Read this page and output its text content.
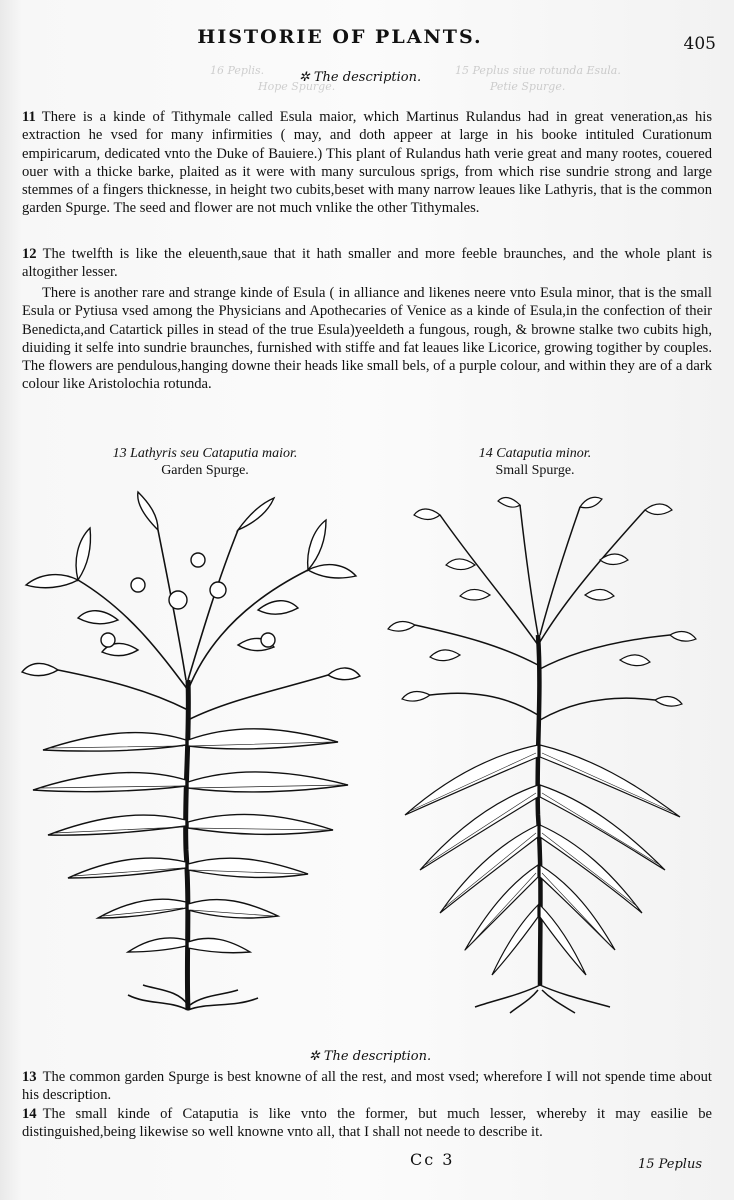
15 Peplus siue rotunda Esula.
Petie Spurge.
16 Peplis.
Hope Spurge.
HISTORIE OF PLANTS.	405
✲ The description.
11 There is a kinde of Tithymale called Esula maior, which Martinus Rulandus had in great veneration,as his extraction he vsed for many infirmities ( may, and doth appeer at large in his booke intituled Curationum empiricarum, dedicated vnto the Duke of Bauiere.) This plant of Rulandus hath verie great and many rootes, couered ouer with a thicke barke, plaited as it were with many surculous sprigs, from which rise sundrie strong and large stemmes of a fingers thicknesse, in height two cubits,beset with many narrow leaues like Lathyris, that is the common garden Spurge. The seed and flower are not much vnlike the other Tithymales.
12 The twelfth is like the eleuenth,saue that it hath smaller and more feeble braunches, and the whole plant is altogither lesser.
There is another rare and strange kinde of Esula ( in alliance and likenes neere vnto Esula minor, that is the small Esula or Pytiusa vsed among the Physicians and Apothecaries of Venice as a kinde of Esula,in the confection of their Benedicta,and Catartick pilles in stead of the true Esula)yeeldeth a fungous, rough, & browne stalke two cubits high, diuiding it selfe into sundrie braunches, furnished with stiffe and fat leaues like Licorice, growing togither by couples. The flowers are pendulous,hanging downe their heads like small bels, of a purple colour, and within they are of a dark colour like Aristolochia rotunda.
13 Lathyris seu Cataputia maior.
Garden Spurge.
14 Cataputia minor.
Small Spurge.
✲ The description.
13 The common garden Spurge is best knowne of all the rest, and most vsed; wherefore I will not spende time about his description.
14 The small kinde of Cataputia is like vnto the former, but much lesser, whereby it may easilie be distinguished,being likewise so well knowne vnto all, that I shall not neede to describe it.
Cc 3	15 Peplus
